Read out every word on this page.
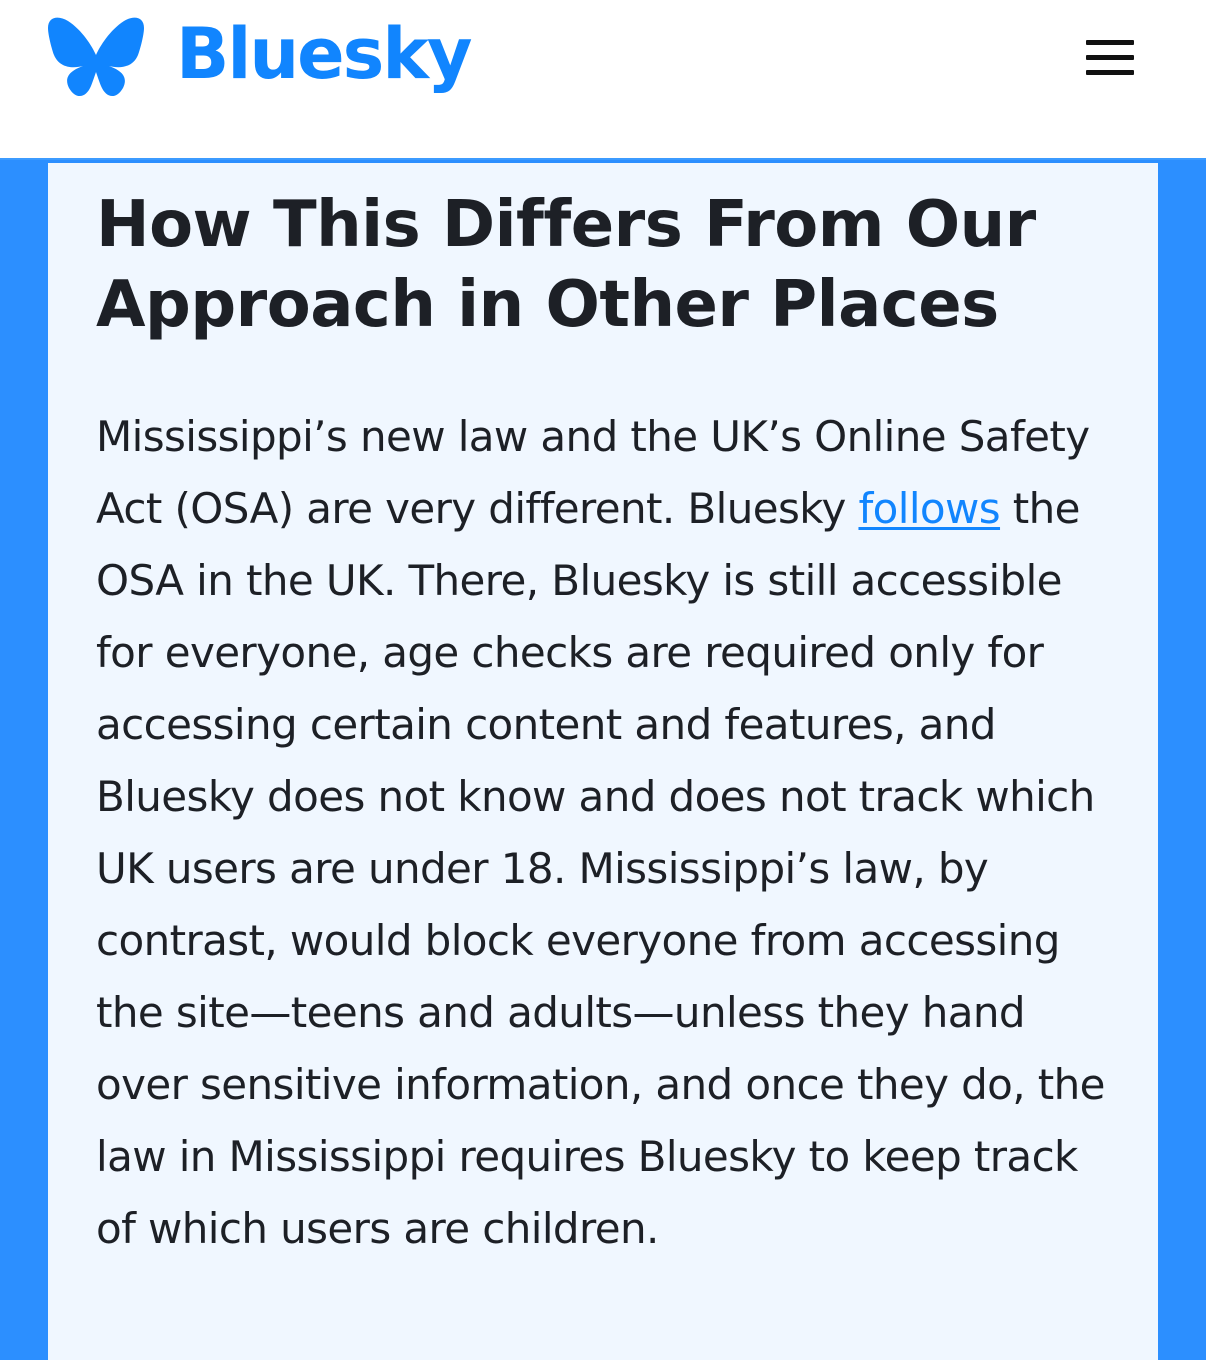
Bluesky
How This Differs From Our
Approach in Other Places

Mississippi’s new law and the UK’s Online Safety Act (OSA) are very different. Bluesky follows the OSA in the UK. There, Bluesky is still accessible for everyone, age checks are required only for accessing certain content and features, and Bluesky does not know and does not track which UK users are under 18. Mississippi’s law, by contrast, would block everyone from accessing the site—teens and adults—unless they hand over sensitive information, and once they do, the law in Mississippi requires Bluesky to keep track of which users are children.
